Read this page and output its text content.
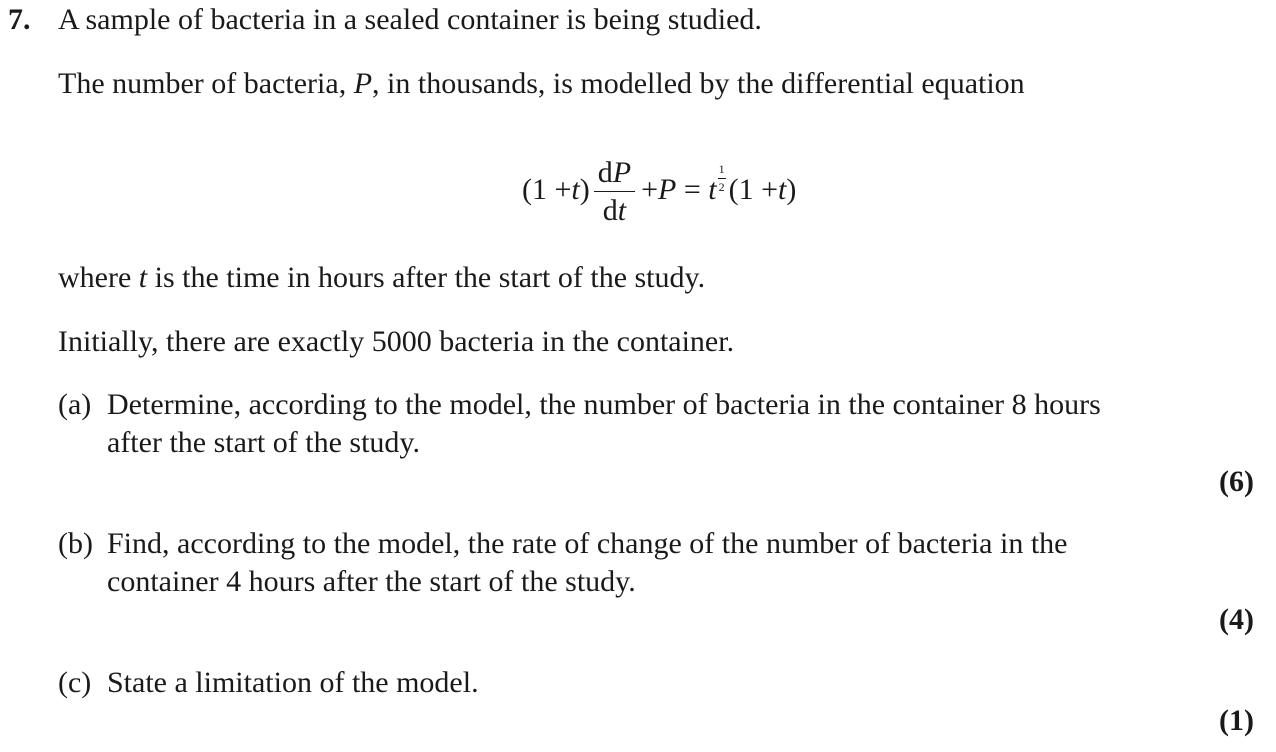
7. A sample of bacteria in a sealed container is being studied.
The number of bacteria, P, in thousands, is modelled by the differential equation
(1 + t ) $\frac{dP}{dt} + P = t$
1
2 (1 + t )
where t is the time in hours after the start of the study.
Initially, there are exactly 5000 bacteria in the container.
(a) Determine, according to the model, the number of bacteria in the container 8 hours
after the start of the study.
(6)
(b) Find, according to the model, the rate of change of the number of bacteria in the
container 4 hours after the start of the study.
(4)
(c) State a limitation of the model.
(1)
